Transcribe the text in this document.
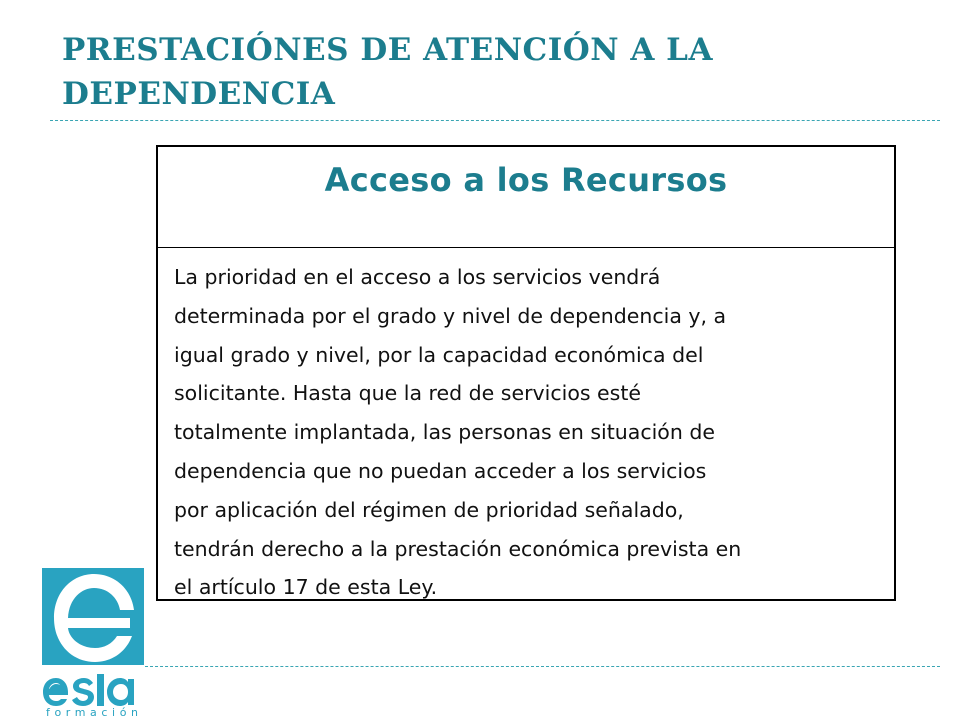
PRESTACIÓNES DE ATENCIÓN A LA DEPENDENCIA
Acceso a los Recursos
La prioridad en el acceso a los servicios vendrá
determinada por el grado y nivel de dependencia y, a
igual grado y nivel, por la capacidad económica del
solicitante. Hasta que la red de servicios esté
totalmente implantada, las personas en situación de
dependencia que no puedan acceder a los servicios
por aplicación del régimen de prioridad señalado,
tendrán derecho a la prestación económica prevista en
el artículo 17 de esta Ley.
formación
